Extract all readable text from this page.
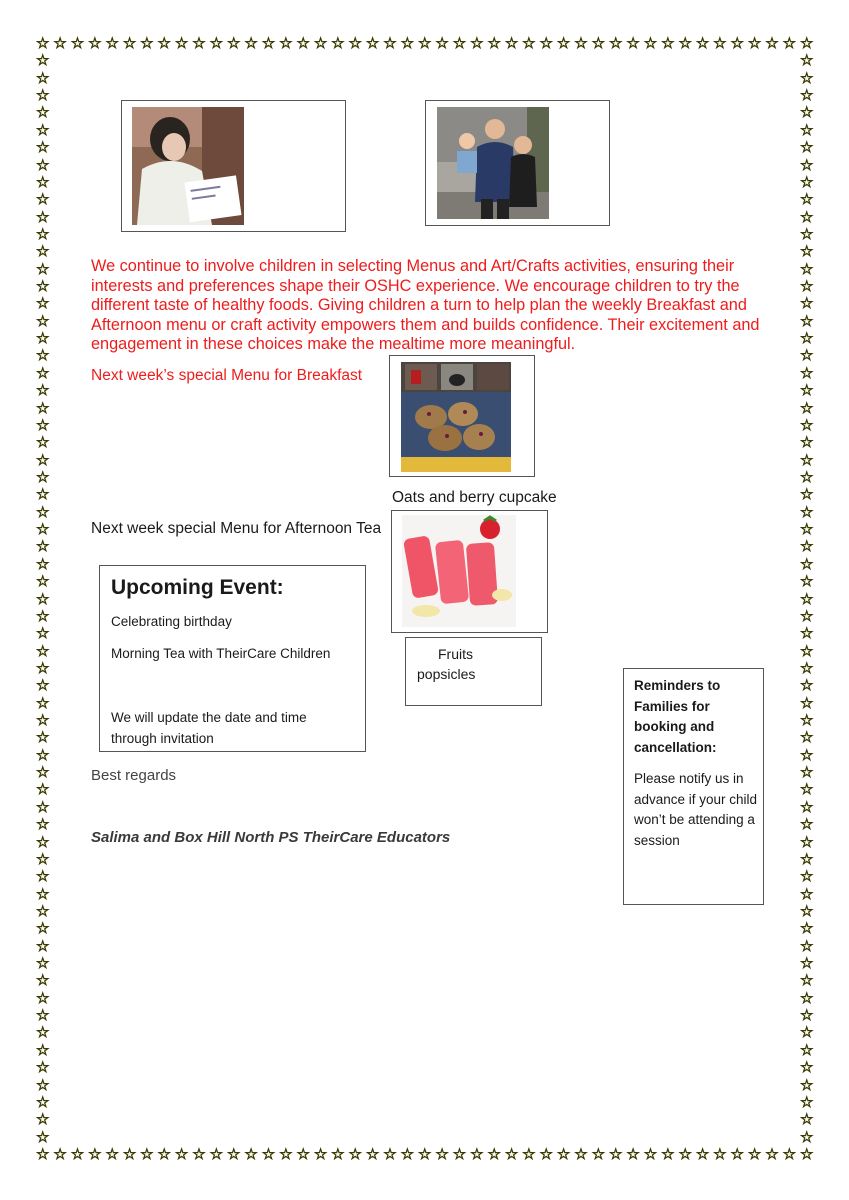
☆
☆
☆
☆
☆
☆
☆
☆
☆
☆
☆
☆
☆
☆
☆
☆
☆
☆
☆
☆
☆
☆
☆
☆
☆
☆
☆
☆
☆
☆
☆
☆
☆
☆
☆
☆
☆
☆
☆
☆
☆
☆
☆
☆
☆
☆
☆
☆
☆
☆
☆
☆
☆
☆
☆
☆
☆
☆
☆
☆
☆
☆
☆
☆
☆
☆
☆
☆
☆
☆
☆
☆
☆
☆
☆
☆
☆
☆
☆
☆
☆
☆
☆
☆
☆
☆
☆
☆
☆
☆
☆	☆
☆	☆
☆	☆
☆	☆
☆	☆
☆	☆
☆	☆
☆	☆
☆	☆
☆	☆
☆	☆
☆	☆
☆	☆
☆	☆
☆	☆
☆	☆
☆	☆
☆	☆
☆	☆
☆	☆
☆	☆
☆	☆
☆	☆
☆	☆
☆	☆
☆	☆
☆	☆
☆	☆
☆	☆
☆	☆
☆	☆
☆	☆
☆	☆
☆	☆
☆	☆
☆	☆
☆	☆
☆	☆
☆	☆
☆	☆
☆	☆
☆	☆
☆	☆
☆	☆
☆	☆
☆	☆
☆	☆
☆	☆
☆	☆
☆	☆
☆	☆
☆	☆
☆	☆
☆	☆
☆	☆
☆	☆
☆	☆
☆	☆
☆	☆
☆	☆
☆	☆
☆	☆
☆	☆
We continue to involve children in selecting Menus and Art/Crafts activities, ensuring their interests and preferences shape their OSHC experience. We encourage children to try the different taste of healthy foods. Giving children a turn to help plan the weekly Breakfast and Afternoon menu or craft activity empowers them and builds confidence. Their excitement and engagement in these choices make the mealtime more meaningful.
Next week’s special Menu for Breakfast
Oats and berry cupcake
Next week special Menu for Afternoon Tea
Fruits
popsicles
Upcoming Event:
Celebrating birthday
Morning Tea with TheirCare Children
We will update the date and time
through invitation
Reminders to Families for booking and cancellation:
Please notify us in advance if your child won’t be attending a session
Best regards
Salima and Box Hill North PS TheirCare Educators
